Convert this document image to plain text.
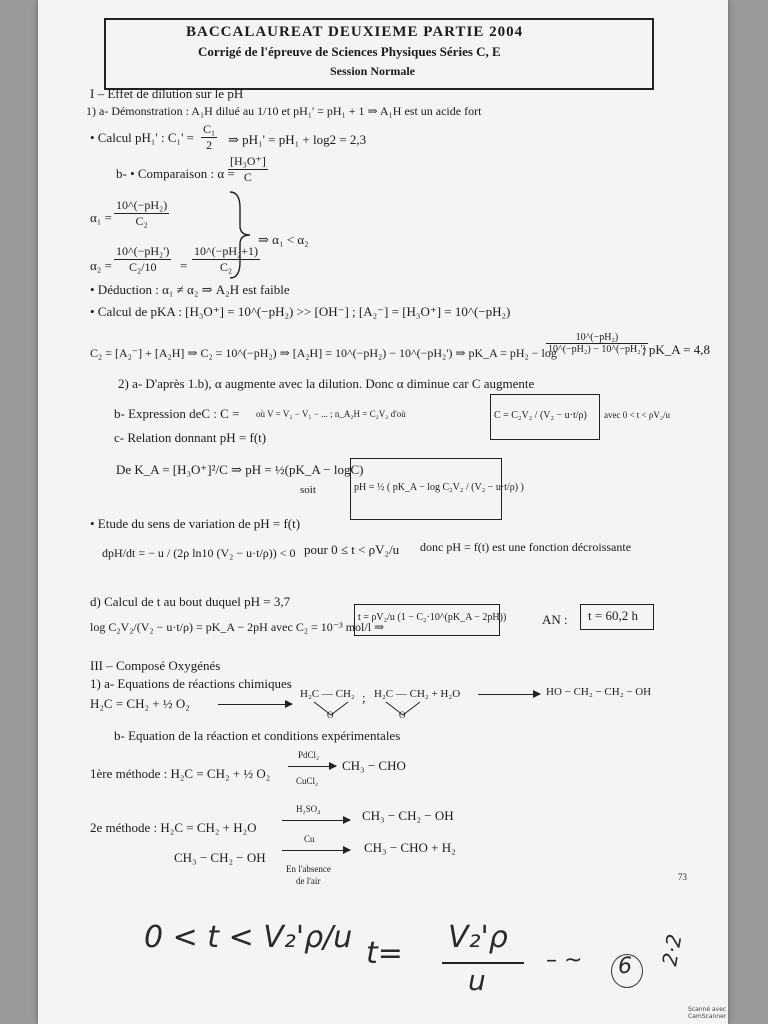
BACCALAUREAT DEUXIEME PARTIE 2004
Corrigé de l'épreuve de Sciences Physiques Séries C, E
Session Normale
I – Effet de dilution sur le pH
1) a- Démonstration : A₁H dilué au 1/10 et pH₁' = pH₁ + 1 ⇒ A₁H est un acide fort
• Calcul pH₁' : $C_1' = \frac{\text{C₁}}{2}$ ⇒ pH₁' = pH₁ + log2 = 2,3
b- • Comparaison : α =
$\frac{\text{[H₃O⁺]}}{C}$
$\alpha_1 = \frac{\text{10\textasciicircum{}(−pH₂)}}{\text{C₂}}$
$\alpha_2 = \frac{\text{10\textasciicircum{}(−pH₂')}}{\text{C₂/10}} = \frac{\text{10\textasciicircum{}(−pH₂+1)}}{\text{C₂}}$
⇒ α₁ < α₂
• Déduction : α₁ ≠ α₂ ⇒ A₂H est faible
• Calcul de pKA : [H₃O⁺] = 10^(−pH₂) >> [OH⁻] ; [A₂⁻] = [H₃O⁺] = 10^(−pH₂)
C₂ = [A₂⁻] + [A₂H] ⇒ C₂ = 10^(−pH₂) ⇒ [A₂H] = 10^(−pH₂) − 10^(−pH₂') ⇒ pK_A = pH₂ − log
$\frac{\text{10\textasciicircum{}(−pH₂)}}{\text{10\textasciicircum{}(−pH₂) − 10\textasciicircum{}(−pH₂')}}$
; pK_A = 4,8
2) a- D'après 1.b), α augmente avec la dilution. Donc α diminue car C augmente
b- Expression deC : C = où V = V₂ − V₁ − ... ; n_A₂H = C₂V₂ d'où	C = C₂V₂ / (V₂ − u·t/ρ) avec 0 < t < ρV₂/u
c- Relation donnant pH = f(t)
De K_A = [H₃O⁺]²/C ⇒ pH = ½(pK_A − logC)
soit	pH = ½ ( pK_A − log C₂V₂ / (V₂ − u·t/ρ) )
• Etude du sens de variation de pH = f(t)
dpH/dt = − u / (2ρ ln10 (V₂ − u·t/ρ)) < 0 pour 0 ≤ t < ρV₂/u donc pH = f(t) est une fonction décroissante
d) Calcul de t au bout duquel pH = 3,7
log C₂V₂/(V₂ − u·t/ρ) = pK_A − 2pH avec C₂ = 10⁻³ mol/l ⇒
t = ρV₂/u (1 − C₂·10^(pK_A − 2pH))	AN : t = 60,2 h
III – Composé Oxygénés
1) a- Equations de réactions chimiques
H₂C = CH₂ + ½ O₂
H₂C — CH₂
O
; H₂C — CH₂ + H₂O
O
HO − CH₂ − CH₂ − OH
b- Equation de la réaction et conditions expérimentales
1ère méthode : H₂C = CH₂ + ½ O₂
PdCl₂
CuCl₂
CH₃ − CHO
2e méthode : H₂C = CH₂ + H₂O
H₂SO₄	CH₃ − CH₂ − OH
CH₃ − CH₂ − OH
Cu
En l'absence
de l'air
CH₃ − CHO + H₂
73
0 < t < V₂'ρ/u t= V₂'ρ
u
– ~ 6 2·2
Scanné avec CamScanner
